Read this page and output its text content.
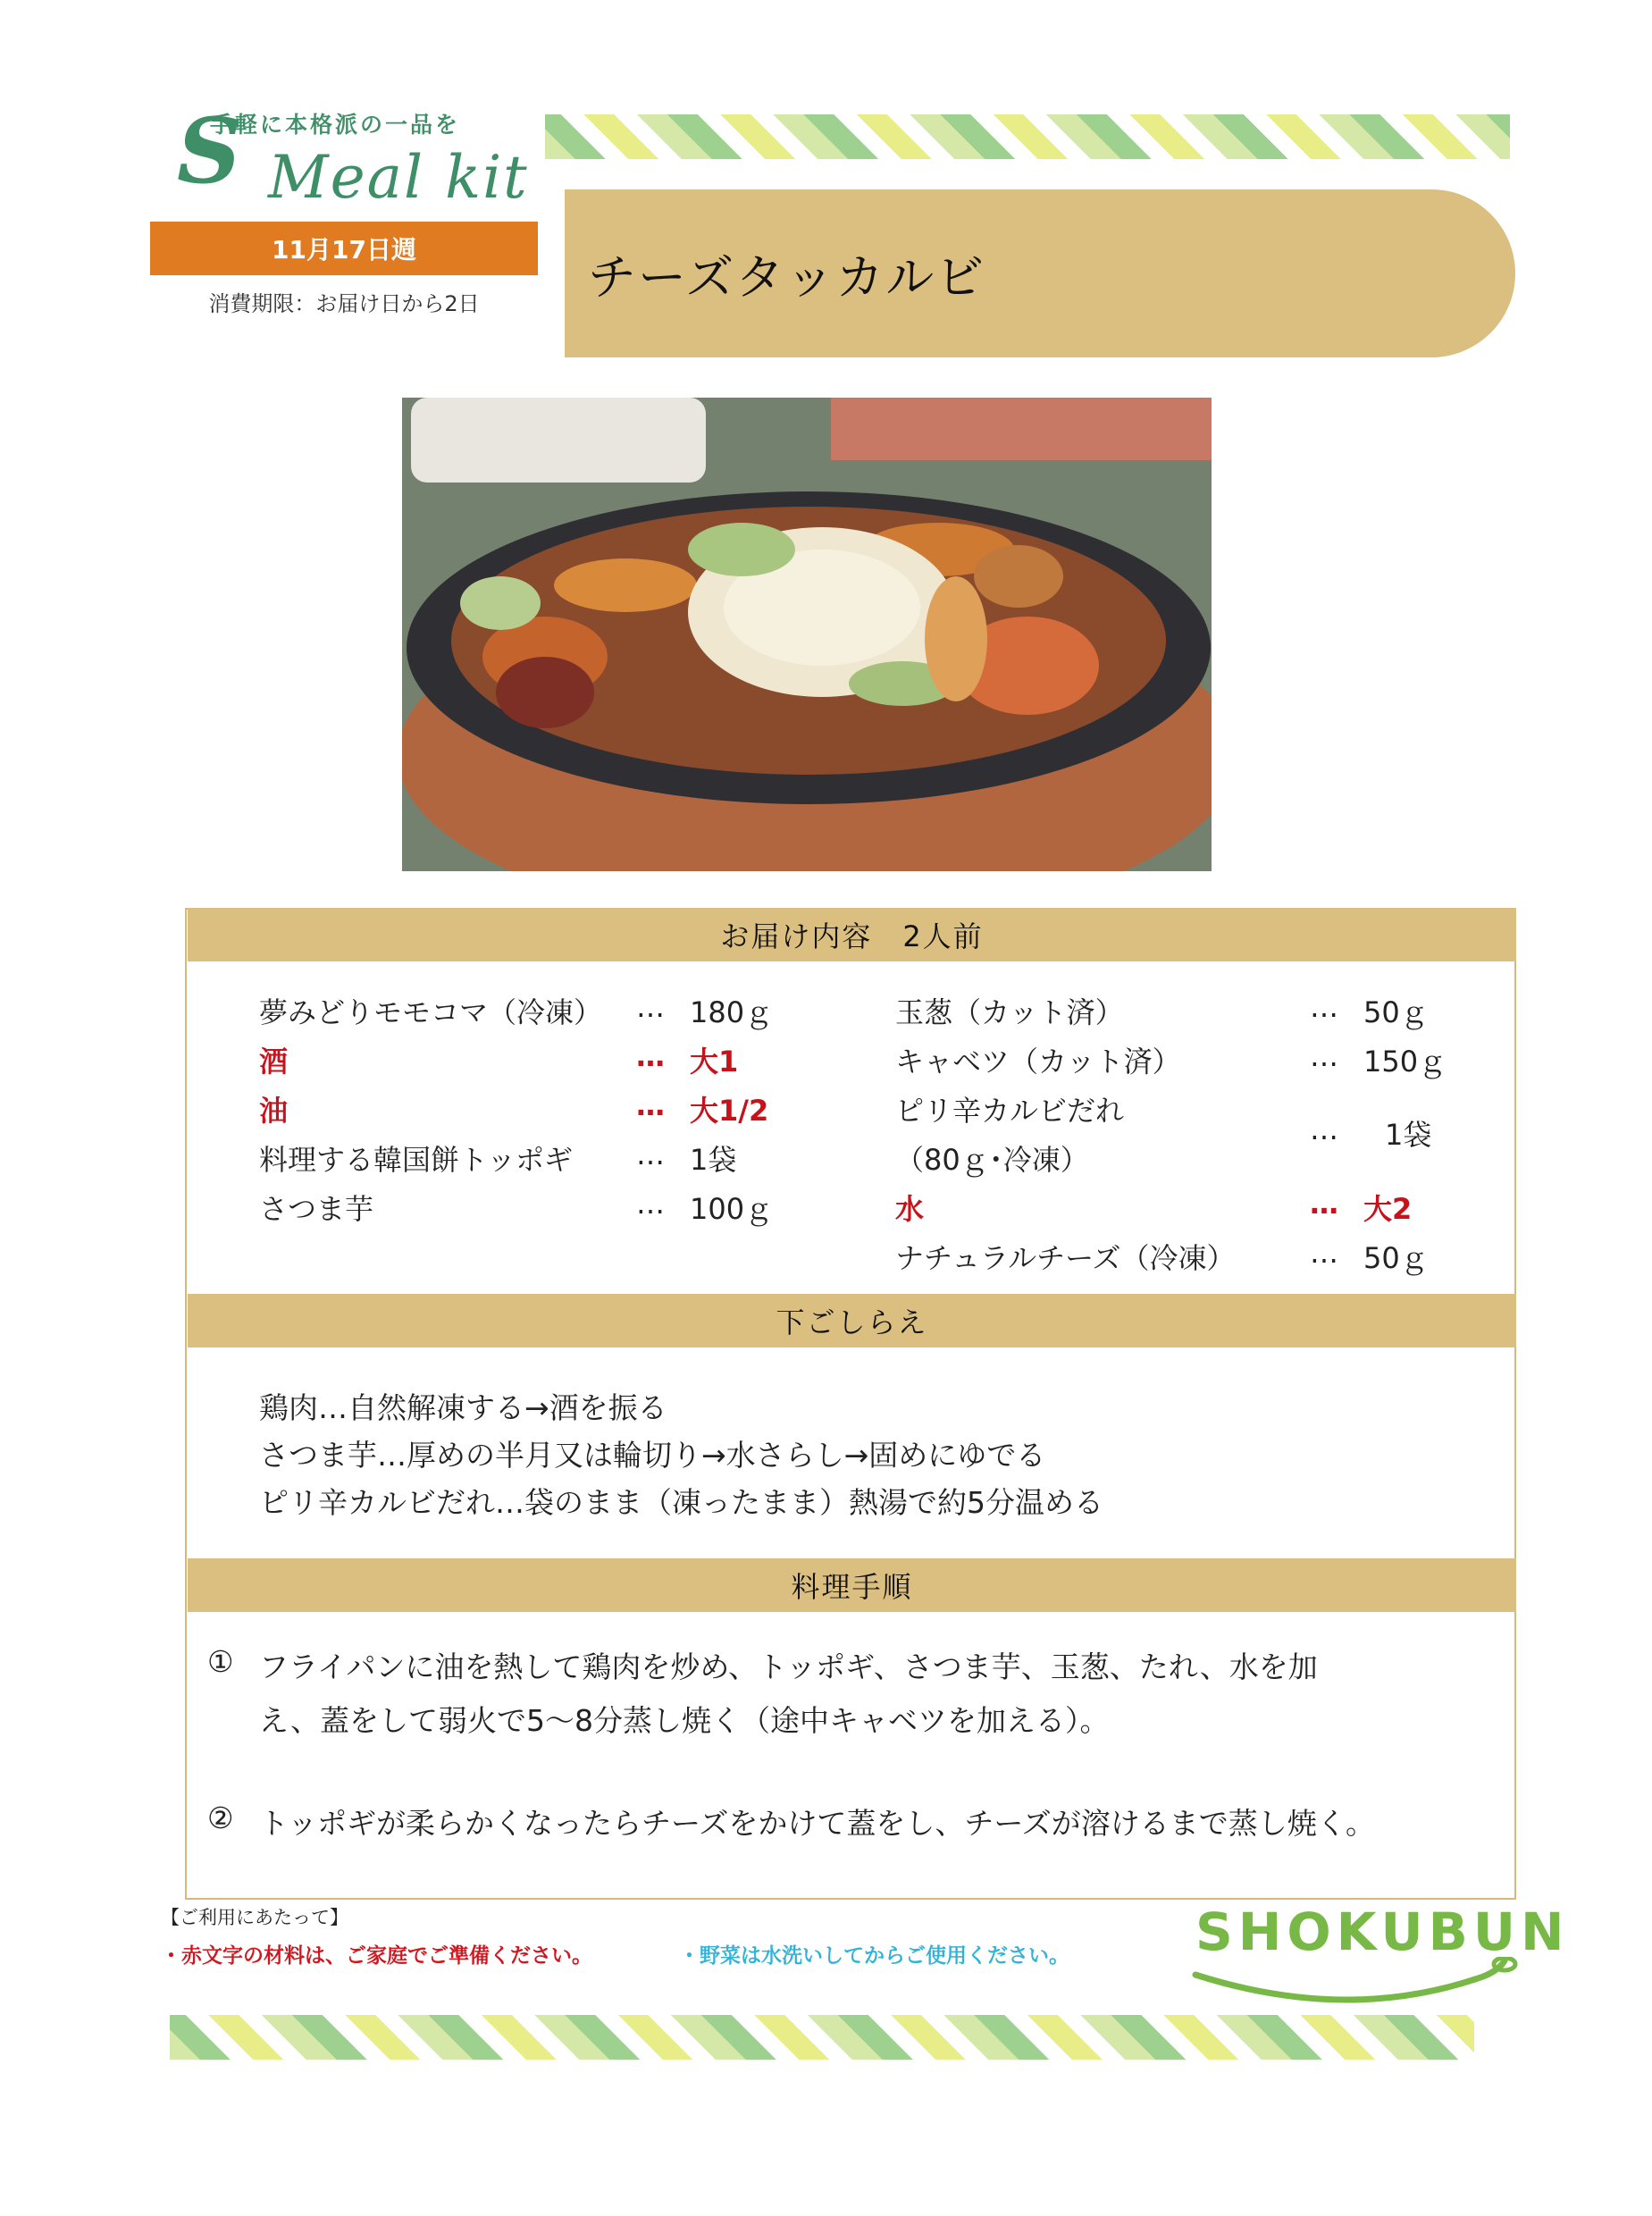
手軽に本格派の一品を
S Meal kit
11月17日週
消費期限：お届け日から2日	チーズタッカルビ
お届け内容　2人前
夢みどりモモコマ（冷凍） … 180ｇ
酒	… 大1
油	… 大1/2
料理する韓国餅トッポギ … 1袋
さつま芋	… 100ｇ
玉葱（カット済）	… 50ｇ
キャベツ（カット済）	… 150ｇ
ピリ辛カルビだれ
（80ｇ･冷凍）
… 1袋
水	… 大2
ナチュラルチーズ（冷凍）	… 50ｇ
下ごしらえ
鶏肉…自然解凍する→酒を振る
さつま芋…厚めの半月又は輪切り→水さらし→固めにゆでる
ピリ辛カルビだれ…袋のまま（凍ったまま）熱湯で約5分温める
料理手順
① フライパンに油を熱して鶏肉を炒め、トッポギ、さつま芋、玉葱、たれ、水を加
え、蓋をして弱火で5～8分蒸し焼く（途中キャベツを加える）。
② トッポギが柔らかくなったらチーズをかけて蓋をし、チーズが溶けるまで蒸し焼く。
【ご利用にあたって】
・赤文字の材料は、ご家庭でご準備ください。	・野菜は水洗いしてからご使用ください。 SHOKUBUN
